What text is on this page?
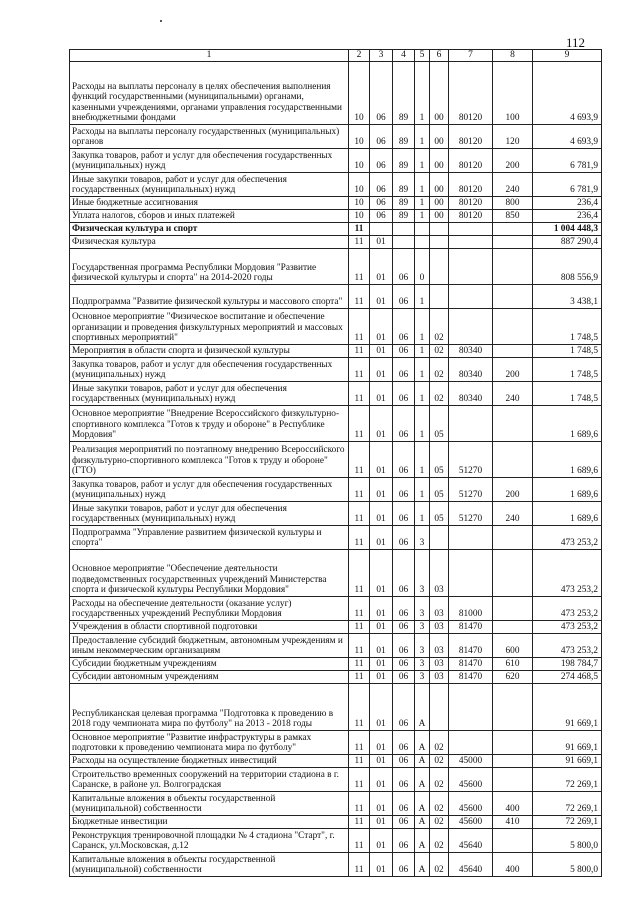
112
1	2	3	4	5	6	7	8	9
Расходы на выплаты персоналу в целях обеспечения выполнения функций государственными (муниципальными) органами, казенными учреждениями, органами управления государственными внебюджетными фондами	10	06	89	1	00	80120	100	4 693,9
Расходы на выплаты персоналу государственных (муниципальных) органов	10	06	89	1	00	80120	120	4 693,9
Закупка товаров, работ и услуг для обеспечения государственных (муниципальных) нужд	10	06	89	1	00	80120	200	6 781,9
Иные закупки товаров, работ и услуг для обеспечения государственных (муниципальных) нужд	10	06	89	1	00	80120	240	6 781,9
Иные бюджетные ассигнования	10	06	89	1	00	80120	800	236,4
Уплата налогов, сборов и иных платежей	10	06	89	1	00	80120	850	236,4
Физическая культура и спорт	11							1 004 448,3
Физическая культура	11	01						887 290,4
Государственная программа Республики Мордовия "Развитие физической культуры и спорта" на 2014-2020 годы	11	01	06	0				808 556,9
Подпрограмма "Развитие физической культуры и массового спорта"	11	01	06	1				3 438,1
Основное мероприятие "Физическое воспитание и обеспечение организации и проведения физкультурных мероприятий и массовых спортивных мероприятий"	11	01	06	1	02			1 748,5
Мероприятия в области спорта и физической культуры	11	01	06	1	02	80340		1 748,5
Закупка товаров, работ и услуг для обеспечения государственных (муниципальных) нужд	11	01	06	1	02	80340	200	1 748,5
Иные закупки товаров, работ и услуг для обеспечения государственных (муниципальных) нужд	11	01	06	1	02	80340	240	1 748,5
Основное мероприятие "Внедрение Всероссийского физкультурно-спортивного комплекса "Готов к труду и обороне" в Республике Мордовия"	11	01	06	1	05			1 689,6
Реализация мероприятий по поэтапному внедрению Всероссийского физкультурно-спортивного комплекса "Готов к труду и обороне" (ГТО)	11	01	06	1	05	51270		1 689,6
Закупка товаров, работ и услуг для обеспечения государственных (муниципальных) нужд	11	01	06	1	05	51270	200	1 689,6
Иные закупки товаров, работ и услуг для обеспечения государственных (муниципальных) нужд	11	01	06	1	05	51270	240	1 689,6
Подпрограмма "Управление развитием физической культуры и спорта"	11	01	06	3				473 253,2
Основное мероприятие "Обеспечение деятельности подведомственных государственных учреждений Министерства спорта и физической культуры Республики Мордовия"	11	01	06	3	03			473 253,2
Расходы на обеспечение деятельности (оказание услуг) государственных учреждений Республики Мордовия	11	01	06	3	03	81000		473 253,2
Учреждения в области спортивной подготовки	11	01	06	3	03	81470		473 253,2
Предоставление субсидий бюджетным, автономным учреждениям и иным некоммерческим организациям	11	01	06	3	03	81470	600	473 253,2
Субсидии бюджетным учреждениям	11	01	06	3	03	81470	610	198 784,7
Субсидии автономным учреждениям	11	01	06	3	03	81470	620	274 468,5
Республиканская целевая программа "Подготовка к проведению в 2018 году чемпионата мира по футболу" на 2013 - 2018 годы	11	01	06	А				91 669,1
Основное мероприятие "Развитие инфраструктуры в рамках подготовки к проведению чемпионата мира по футболу"	11	01	06	А	02			91 669,1
Расходы на осуществление бюджетных инвестиций	11	01	06	А	02	45000		91 669,1
Строительство временных сооружений на территории стадиона в г. Саранске, в районе ул. Волгоградская	11	01	06	А	02	45600		72 269,1
Капитальные вложения в объекты государственной (муниципальной) собственности	11	01	06	А	02	45600	400	72 269,1
Бюджетные инвестиции	11	01	06	А	02	45600	410	72 269,1
Реконструкция тренировочной площадки № 4 стадиона "Старт", г. Саранск, ул.Московская, д.12	11	01	06	А	02	45640		5 800,0
Капитальные вложения в объекты государственной (муниципальной) собственности	11	01	06	А	02	45640	400	5 800,0
